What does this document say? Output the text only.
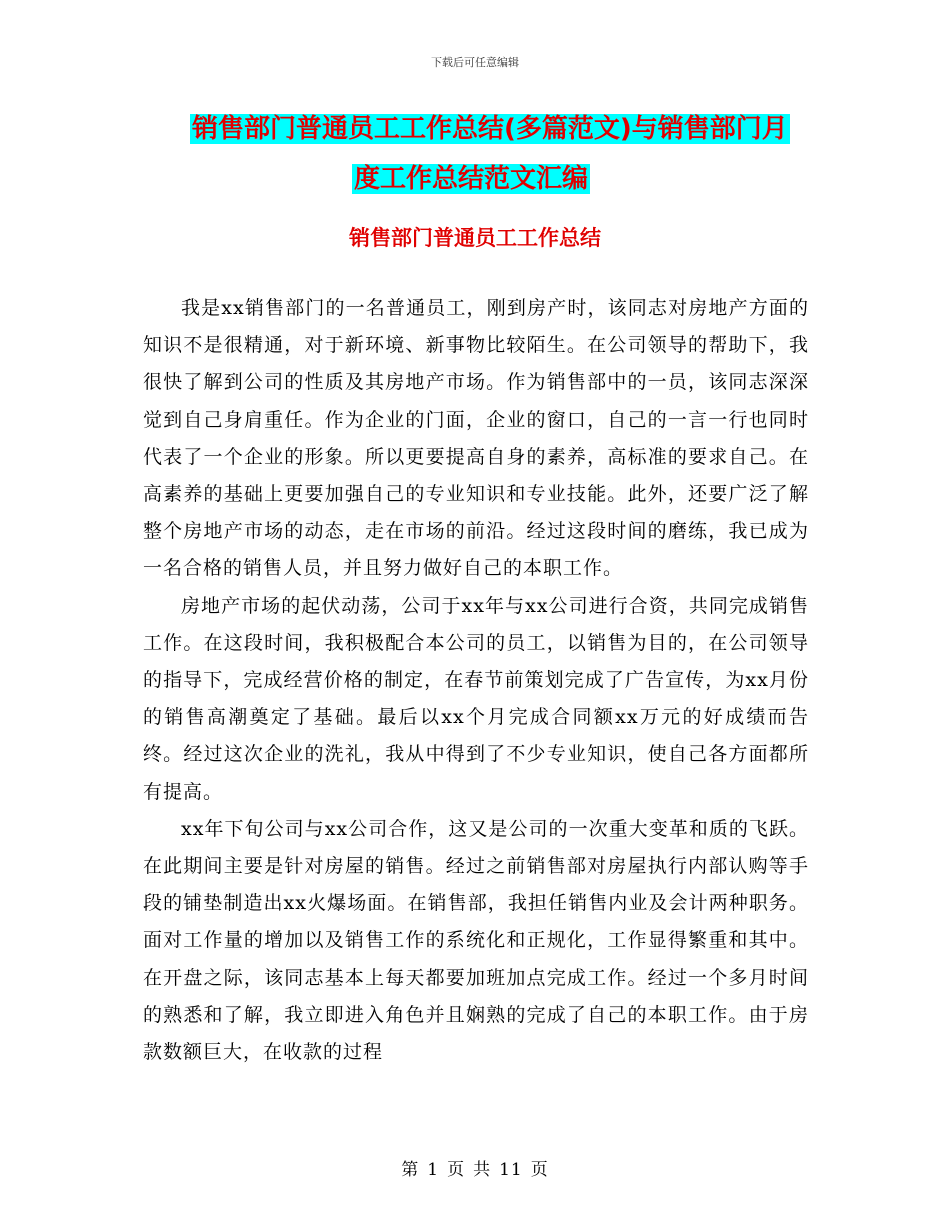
下载后可任意编辑
销售部门普通员工工作总结(多篇范文)与销售部门月
度工作总结范文汇编
销售部门普通员工工作总结

我是xx销售部门的一名普通员工，刚到房产时，该同志对房地产方面的知识不是很精通，对于新环境、新事物比较陌生。在公司领导的帮助下，我很快了解到公司的性质及其房地产市场。作为销售部中的一员，该同志深深觉到自己身肩重任。作为企业的门面，企业的窗口，自己的一言一行也同时代表了一个企业的形象。所以更要提高自身的素养，高标准的要求自己。在高素养的基础上更要加强自己的专业知识和专业技能。此外，还要广泛了解整个房地产市场的动态，走在市场的前沿。经过这段时间的磨练，我已成为一名合格的销售人员，并且努力做好自己的本职工作。

房地产市场的起伏动荡，公司于xx年与xx公司进行合资，共同完成销售工作。在这段时间，我积极配合本公司的员工，以销售为目的，在公司领导的指导下，完成经营价格的制定，在春节前策划完成了广告宣传，为xx月份的销售高潮奠定了基础。最后以xx个月完成合同额xx万元的好成绩而告终。经过这次企业的洗礼，我从中得到了不少专业知识，使自己各方面都所有提高。

xx年下旬公司与xx公司合作，这又是公司的一次重大变革和质的飞跃。在此期间主要是针对房屋的销售。经过之前销售部对房屋执行内部认购等手段的铺垫制造出xx火爆场面。在销售部，我担任销售内业及会计两种职务。面对工作量的增加以及销售工作的系统化和正规化，工作显得繁重和其中。在开盘之际，该同志基本上每天都要加班加点完成工作。经过一个多月时间的熟悉和了解，我立即进入角色并且娴熟的完成了自己的本职工作。由于房款数额巨大，在收款的过程

第 1 页 共 11 页
